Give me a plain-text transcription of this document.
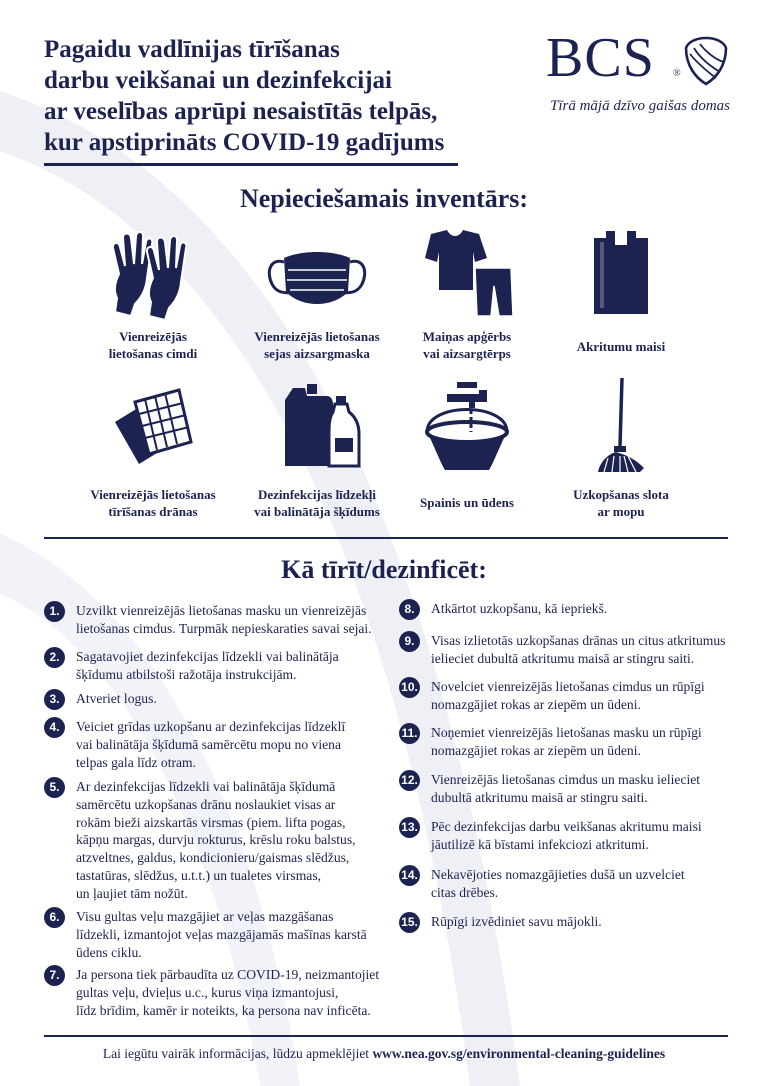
Pagaidu vadlīnijas tīrīšanas
darbu veikšanai un dezinfekcijai
ar veselības aprūpi nesaistītās telpās,
kur apstiprināts COVID-19 gadījums
BCS ®
Tīrā mājā dzīvo gaišas domas
Nepieciešamais inventārs:
Vienreizējās
lietošanas cimdi
Vienreizējās lietošanas
sejas aizsargmaska
Maiņas apģērbs
vai aizsargtērps	Akritumu maisi
Vienreizējās lietošanas
tīrīšanas drānas
Dezinfekcijas līdzekļi
vai balinātāja šķīdums
Spainis un ūdens
Uzkopšanas slota
ar mopu
Kā tīrīt/dezinficēt:
1.	Uzvilkt vienreizējās lietošanas masku un vienreizējās
lietošanas cimdus. Turpmāk nepieskaraties savai sejai.

2.	Sagatavojiet dezinfekcijas līdzekli vai balinātāja
šķīdumu atbilstoši ražotāja instrukcijām.

3.	Atveriet logus.

4.	Veiciet grīdas uzkopšanu ar dezinfekcijas līdzeklī
vai balinātāja šķīdumā samērcētu mopu no viena
telpas gala līdz otram.

5.	Ar dezinfekcijas līdzekli vai balinātāja šķīdumā
samērcētu uzkopšanas drānu noslaukiet visas ar
rokām bieži aizskartās virsmas (piem. lifta pogas,
kāpņu margas, durvju rokturus, krēslu roku balstus,
atzveltnes, galdus, kondicionieru/gaismas slēdžus,
tastatūras, slēdžus, u.t.t.) un tualetes virsmas,
un ļaujiet tām nožūt.

6.	Visu gultas veļu mazgājiet ar veļas mazgāšanas
līdzekli, izmantojot veļas mazgājamās mašīnas karstā
ūdens ciklu.

7.	Ja persona tiek pārbaudīta uz COVID-19, neizmantojiet
gultas veļu, dvieļus u.c., kurus viņa izmantojusi,
līdz brīdim, kamēr ir noteikts, ka persona nav inficēta.

8.	Atkārtot uzkopšanu, kā iepriekš.

9.	Visas izlietotās uzkopšanas drānas un citus atkritumus
ielieciet dubultā atkritumu maisā ar stingru saiti.

10. Novelciet vienreizējās lietošanas cimdus un rūpīgi
nomazgājiet rokas ar ziepēm un ūdeni.

11. Noņemiet vienreizējās lietošanas masku un rūpīgi
nomazgājiet rokas ar ziepēm un ūdeni.

12. Vienreizējās lietošanas cimdus un masku ielieciet
dubultā atkritumu maisā ar stingru saiti.

13. Pēc dezinfekcijas darbu veikšanas akritumu maisi
jāutilizē kā bīstami infekciozi atkritumi.

14. Nekavējoties nomazgājieties dušā un uzvelciet
citas drēbes.

15. Rūpīgi izvēdiniet savu mājokli.

Lai iegūtu vairāk informācijas, lūdzu apmeklējiet www.nea.gov.sg/environmental-cleaning-guidelines
